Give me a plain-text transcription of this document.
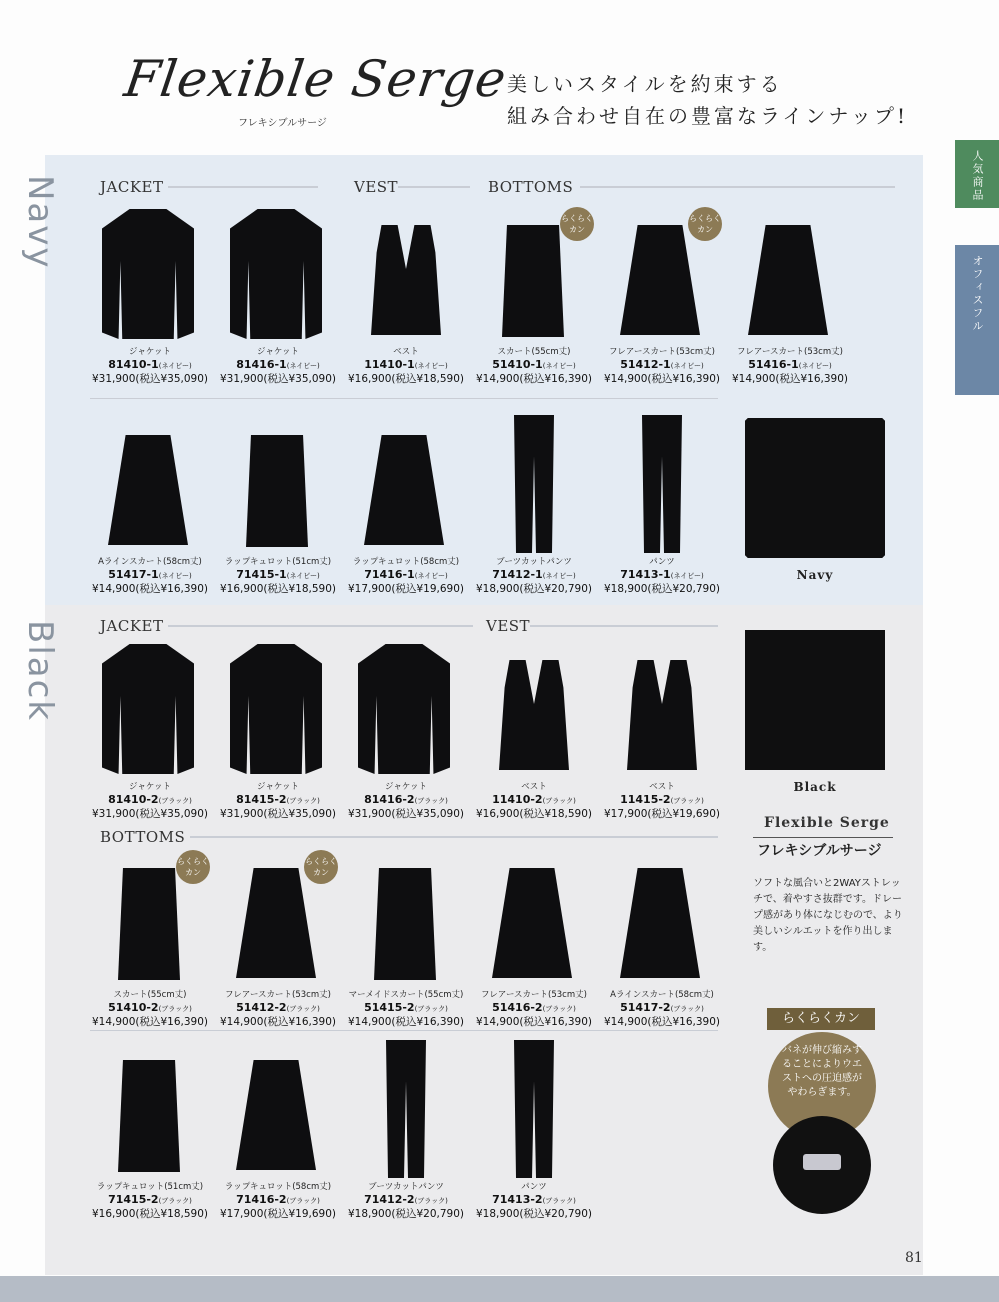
Flexible Serge
フレキシブルサージ
美しいスタイルを約束する
組み合わせ自在の豊富なラインナップ!
人気商品
オフィスフル
Navy
Black
JACKET	VEST	BOTTOMS
JACKET	VEST
BOTTOMS
ジャケット
81410-1(ネイビー)
¥31,900(税込¥35,090)
ジャケット
81416-1(ネイビー)
¥31,900(税込¥35,090)
ベスト
11410-1(ネイビー)
¥16,900(税込¥18,590)
らくらくカン
スカート(55cm丈)
51410-1(ネイビー)
¥14,900(税込¥16,390)
らくらくカン
フレアースカート(53cm丈)
51412-1(ネイビー)
¥14,900(税込¥16,390)
フレアースカート(53cm丈)
51416-1(ネイビー)
¥14,900(税込¥16,390)
Aラインスカート(58cm丈)
51417-1(ネイビー)
¥14,900(税込¥16,390)
ラップキュロット(51cm丈)
71415-1(ネイビー)
¥16,900(税込¥18,590)
ラップキュロット(58cm丈)
71416-1(ネイビー)
¥17,900(税込¥19,690)
ブーツカットパンツ
71412-1(ネイビー)
¥18,900(税込¥20,790)
パンツ
71413-1(ネイビー)
¥18,900(税込¥20,790)
ジャケット
81410-2(ブラック)
¥31,900(税込¥35,090)
ジャケット
81415-2(ブラック)
¥31,900(税込¥35,090)
ジャケット
81416-2(ブラック)
¥31,900(税込¥35,090)
ベスト
11410-2(ブラック)
¥16,900(税込¥18,590)
ベスト
11415-2(ブラック)
¥17,900(税込¥19,690)
らくらくカン
スカート(55cm丈)
51410-2(ブラック)
¥14,900(税込¥16,390)
らくらくカン
フレアースカート(53cm丈)
51412-2(ブラック)
¥14,900(税込¥16,390)
マーメイドスカート(55cm丈)
51415-2(ブラック)
¥14,900(税込¥16,390)
フレアースカート(53cm丈)
51416-2(ブラック)
¥14,900(税込¥16,390)
Aラインスカート(58cm丈)
51417-2(ブラック)
¥14,900(税込¥16,390)
ラップキュロット(51cm丈)
71415-2(ブラック)
¥16,900(税込¥18,590)
ラップキュロット(58cm丈)
71416-2(ブラック)
¥17,900(税込¥19,690)
ブーツカットパンツ
71412-2(ブラック)
¥18,900(税込¥20,790)
パンツ
71413-2(ブラック)
¥18,900(税込¥20,790)
Navy
Black
Flexible Serge
フレキシブルサージ
ソフトな風合いと2WAYストレッチで、着やすさ抜群です。ドレープ感があり体になじむので、より美しいシルエットを作り出します。
バネが伸び縮みすることによりウエストへの圧迫感がやわらぎます。
らくらくカン
81
